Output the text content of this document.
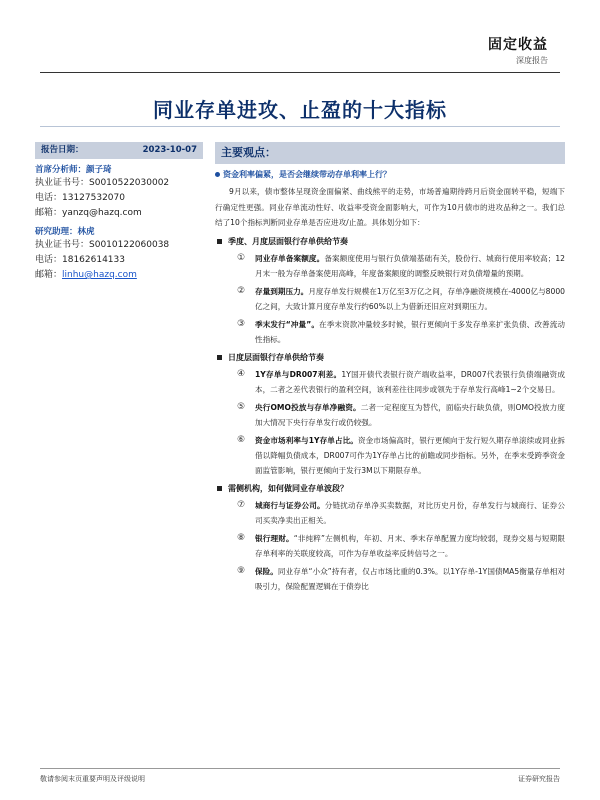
固定收益
深度报告
同业存单进攻、止盈的十大指标
报告日期：	2023-10-07
首席分析师：颜子琦
执业证书号：S0010522030002
电话：13127532070
邮箱：yanzq@hazq.com
研究助理：林虎
执业证书号：S0010122060038
电话：18162614133
邮箱：linhu@hazq.com
主要观点：
资金利率偏紧，是否会继续带动存单利率上行？
9月以来，债市整体呈现资金面偏紧、曲线熊平的走势，市场普遍期待跨月后资金面转平稳，短端下行确定性更强。同业存单流动性好、收益率受资金面影响大，可作为10月债市的进攻品种之一。我们总结了10个指标判断同业存单是否应进攻/止盈。具体划分如下：
季度、月度层面银行存单供给节奏
①	同业存单备案额度。备案额度使用与银行负债端基础有关，股份行、城商行使用率较高；12月末一般为存单备案使用高峰，年度备案额度的调整反映银行对负债增量的预期。
②	存量到期压力。月度存单发行规模在1万亿至3万亿之间，存单净融资规模在-4000亿与8000亿之间，大致计算月度存单发行约60%以上为借新还旧应对到期压力。
③	季末发行“冲量”。在季末资款冲量较多时候，银行更倾向于多发存单来扩张负债、改善流动性指标。
日度层面银行存单供给节奏
④	1Y存单与DR007利差。1Y国开债代表银行资产端收益率，DR007代表银行负债端融资成本，二者之差代表银行的盈利空间，该利差往往同步或领先于存单发行高峰1~2个交易日。
⑤	央行OMO投放与存单净融资。二者一定程度互为替代，面临央行缺负债，则OMO投放力度加大情况下央行存单发行或仍较强。
⑥	资金市场利率与1Y存单占比。资金市场偏高时，银行更倾向于发行短久期存单滚续或同业拆借以降幅负债成本，DR007可作为1Y存单占比的前瞻或同步指标。另外，在季末受跨季资金面监管影响，银行更倾向于发行3M以下期限存单。
需侧机构，如何做同业存单波段？
⑦	城商行与证券公司。分链扰动存单净买卖数据，对比历史月份，存单发行与城商行、证券公司买卖净卖出正相关。
⑧	银行理财。“非纯粹”左侧机构，年初、月末、季末存单配置力度均较弱，现券交易与短期限存单利率的关联度较高，可作为存单收益率反转信号之一。
⑨	保险。同业存单“小众”持有者，仅占市场比重的0.3%。以1Y存单-1Y国债MA5衡量存单相对吸引力，保险配置逻辑在于债券比
敬请参阅末页重要声明及评级说明	证券研究报告
